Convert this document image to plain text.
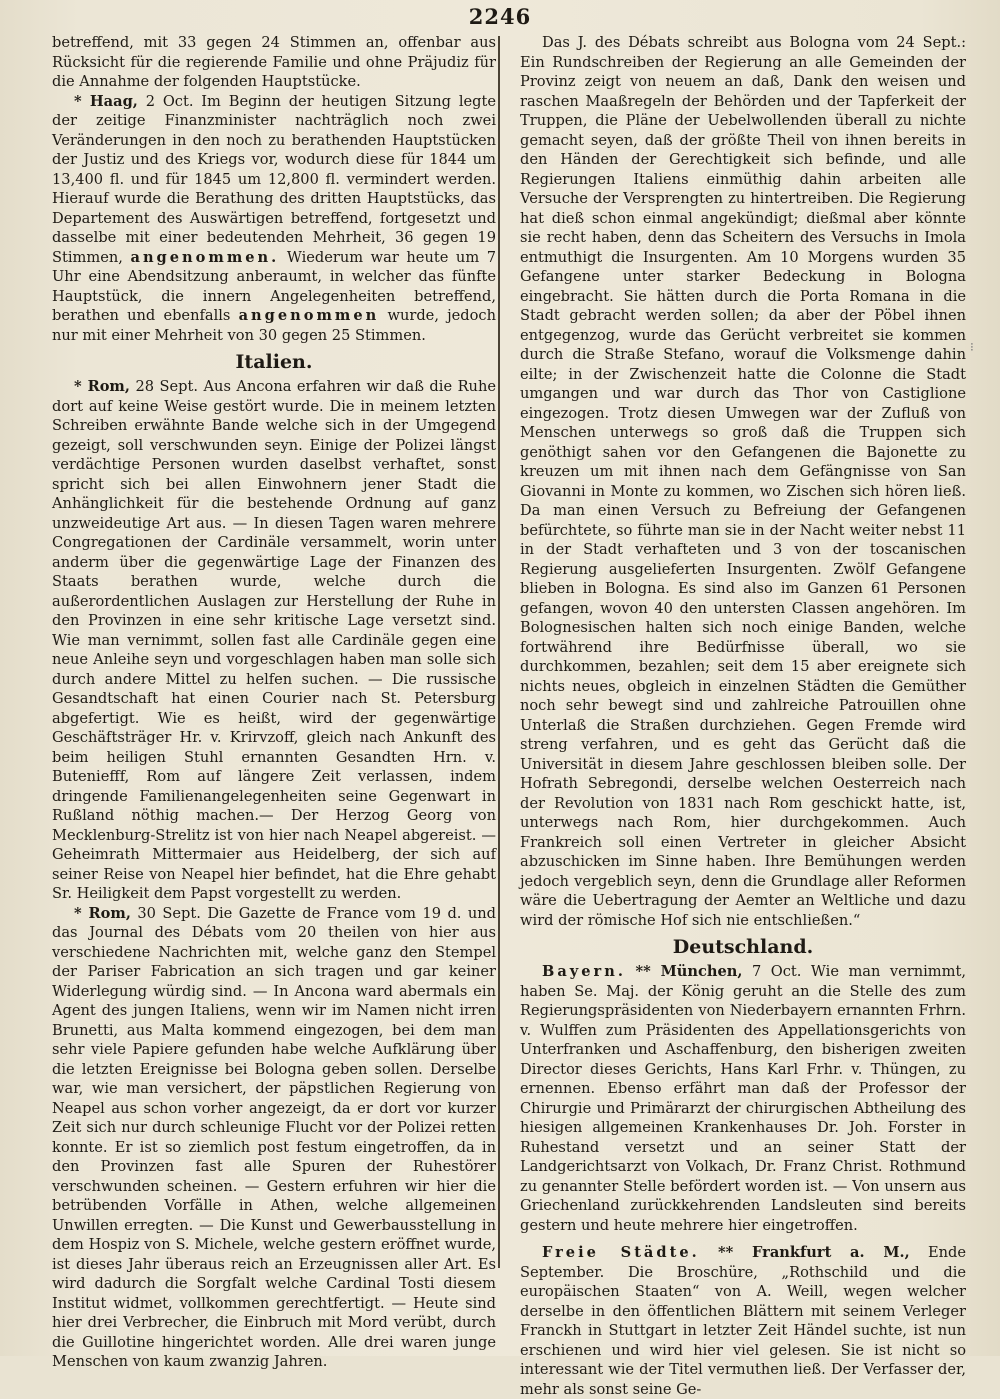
2246
⁝

betreffend, mit 33 gegen 24 Stimmen an, offenbar aus Rücksicht für die regierende Familie und ohne Präjudiz für die Annahme der folgenden Hauptstücke.

* Haag, 2 Oct. Im Beginn der heutigen Sitzung legte der zeitige Finanzminister nachträglich noch zwei Veränderungen in den noch zu berathenden Hauptstücken der Justiz und des Kriegs vor, wodurch diese für 1844 um 13,400 fl. und für 1845 um 12,800 fl. vermindert werden. Hierauf wurde die Berathung des dritten Hauptstücks, das Departement des Auswärtigen betreffend, fortgesetzt und dasselbe mit einer bedeutenden Mehrheit, 36 gegen 19 Stimmen, angenommen. Wiederum war heute um 7 Uhr eine Abendsitzung anberaumt, in welcher das fünfte Hauptstück, die innern Angelegenheiten betreffend, berathen und ebenfalls angenommen wurde, jedoch nur mit einer Mehrheit von 30 gegen 25 Stimmen.

Italien.

* Rom, 28 Sept. Aus Ancona erfahren wir daß die Ruhe dort auf keine Weise gestört wurde. Die in meinem letzten Schreiben erwähnte Bande welche sich in der Umgegend gezeigt, soll verschwunden seyn. Einige der Polizei längst verdächtige Personen wurden daselbst verhaftet, sonst spricht sich bei allen Einwohnern jener Stadt die Anhänglichkeit für die bestehende Ordnung auf ganz unzweideutige Art aus. — In diesen Tagen waren mehrere Congregationen der Cardinäle versammelt, worin unter anderm über die gegenwärtige Lage der Finanzen des Staats berathen wurde, welche durch die außerordentlichen Auslagen zur Herstellung der Ruhe in den Provinzen in eine sehr kritische Lage versetzt sind. Wie man vernimmt, sollen fast alle Cardinäle gegen eine neue Anleihe seyn und vorgeschlagen haben man solle sich durch andere Mittel zu helfen suchen. — Die russische Gesandtschaft hat einen Courier nach St. Petersburg abgefertigt. Wie es heißt, wird der gegenwärtige Geschäftsträger Hr. v. Krirvzoff, gleich nach Ankunft des beim heiligen Stuhl ernannten Gesandten Hrn. v. Buteniefff, Rom auf längere Zeit verlassen, indem dringende Familienangelegenheiten seine Gegenwart in Rußland nöthig machen.— Der Herzog Georg von Mecklenburg-Strelitz ist von hier nach Neapel abgereist. — Geheimrath Mittermaier aus Heidelberg, der sich auf seiner Reise von Neapel hier befindet, hat die Ehre gehabt Sr. Heiligkeit dem Papst vorgestellt zu werden.

* Rom, 30 Sept. Die Gazette de France vom 19 d. und das Journal des Débats vom 20 theilen von hier aus verschiedene Nachrichten mit, welche ganz den Stempel der Pariser Fabrication an sich tragen und gar keiner Widerlegung würdig sind. — In Ancona ward abermals ein Agent des jungen Italiens, wenn wir im Namen nicht irren Brunetti, aus Malta kommend eingezogen, bei dem man sehr viele Papiere gefunden habe welche Aufklärung über die letzten Ereignisse bei Bologna geben sollen. Derselbe war, wie man versichert, der päpstlichen Regierung von Neapel aus schon vorher angezeigt, da er dort vor kurzer Zeit sich nur durch schleunige Flucht vor der Polizei retten konnte. Er ist so ziemlich post festum eingetroffen, da in den Provinzen fast alle Spuren der Ruhestörer verschwunden scheinen. — Gestern erfuhren wir hier die betrübenden Vorfälle in Athen, welche allgemeinen Unwillen erregten. — Die Kunst und Gewerbausstellung in dem Hospiz von S. Michele, welche gestern eröffnet wurde, ist dieses Jahr überaus reich an Erzeugnissen aller Art. Es wird dadurch die Sorgfalt welche Cardinal Tosti diesem Institut widmet, vollkommen gerechtfertigt. — Heute sind hier drei Verbrecher, die Einbruch mit Mord verübt, durch die Guillotine hingerichtet worden. Alle drei waren junge Menschen von kaum zwanzig Jahren.

Das J. des Débats schreibt aus Bologna vom 24 Sept.: Ein Rundschreiben der Regierung an alle Gemeinden der Provinz zeigt von neuem an daß, Dank den weisen und raschen Maaßregeln der Behörden und der Tapferkeit der Truppen, die Pläne der Uebelwollenden überall zu nichte gemacht seyen, daß der größte Theil von ihnen bereits in den Händen der Gerechtigkeit sich befinde, und alle Regierungen Italiens einmüthig dahin arbeiten alle Versuche der Versprengten zu hintertreiben. Die Regierung hat dieß schon einmal angekündigt; dießmal aber könnte sie recht haben, denn das Scheitern des Versuchs in Imola entmuthigt die Insurgenten. Am 10 Morgens wurden 35 Gefangene unter starker Bedeckung in Bologna eingebracht. Sie hätten durch die Porta Romana in die Stadt gebracht werden sollen; da aber der Pöbel ihnen entgegenzog, wurde das Gerücht verbreitet sie kommen durch die Straße Stefano, worauf die Volksmenge dahin eilte; in der Zwischenzeit hatte die Colonne die Stadt umgangen und war durch das Thor von Castiglione eingezogen. Trotz diesen Umwegen war der Zufluß von Menschen unterwegs so groß daß die Truppen sich genöthigt sahen vor den Gefangenen die Bajonette zu kreuzen um mit ihnen nach dem Gefängnisse von San Giovanni in Monte zu kommen, wo Zischen sich hören ließ. Da man einen Versuch zu Befreiung der Gefangenen befürchtete, so führte man sie in der Nacht weiter nebst 11 in der Stadt verhafteten und 3 von der toscanischen Regierung ausgelieferten Insurgenten. Zwölf Gefangene blieben in Bologna. Es sind also im Ganzen 61 Personen gefangen, wovon 40 den untersten Classen angehören. Im Bolognesischen halten sich noch einige Banden, welche fortwährend ihre Bedürfnisse überall, wo sie durchkommen, bezahlen; seit dem 15 aber ereignete sich nichts neues, obgleich in einzelnen Städten die Gemüther noch sehr bewegt sind und zahlreiche Patrouillen ohne Unterlaß die Straßen durchziehen. Gegen Fremde wird streng verfahren, und es geht das Gerücht daß die Universität in diesem Jahre geschlossen bleiben solle. Der Hofrath Sebregondi, derselbe welchen Oesterreich nach der Revolution von 1831 nach Rom geschickt hatte, ist, unterwegs nach Rom, hier durchgekommen. Auch Frankreich soll einen Vertreter in gleicher Absicht abzuschicken im Sinne haben. Ihre Bemühungen werden jedoch vergeblich seyn, denn die Grundlage aller Reformen wäre die Uebertragung der Aemter an Weltliche und dazu wird der römische Hof sich nie entschließen.“

Deutschland.

Bayern. ** München, 7 Oct. Wie man vernimmt, haben Se. Maj. der König geruht an die Stelle des zum Regierungspräsidenten von Niederbayern ernannten Frhrn. v. Wulffen zum Präsidenten des Appellationsgerichts von Unterfranken und Aschaffenburg, den bisherigen zweiten Director dieses Gerichts, Hans Karl Frhr. v. Thüngen, zu ernennen. Ebenso erfährt man daß der Professor der Chirurgie und Primärarzt der chirurgischen Abtheilung des hiesigen allgemeinen Krankenhauses Dr. Joh. Forster in Ruhestand versetzt und an seiner Statt der Landgerichtsarzt von Volkach, Dr. Franz Christ. Rothmund zu genannter Stelle befördert worden ist. — Von unsern aus Griechenland zurückkehrenden Landsleuten sind bereits gestern und heute mehrere hier eingetroffen.

Freie Städte. ** Frankfurt a. M., Ende September. Die Broschüre, „Rothschild und die europäischen Staaten“ von A. Weill, wegen welcher derselbe in den öffentlichen Blättern mit seinem Verleger Franckh in Stuttgart in letzter Zeit Händel suchte, ist nun erschienen und wird hier viel gelesen. Sie ist nicht so interessant wie der Titel vermuthen ließ. Der Verfasser der, mehr als sonst seine Ge-
